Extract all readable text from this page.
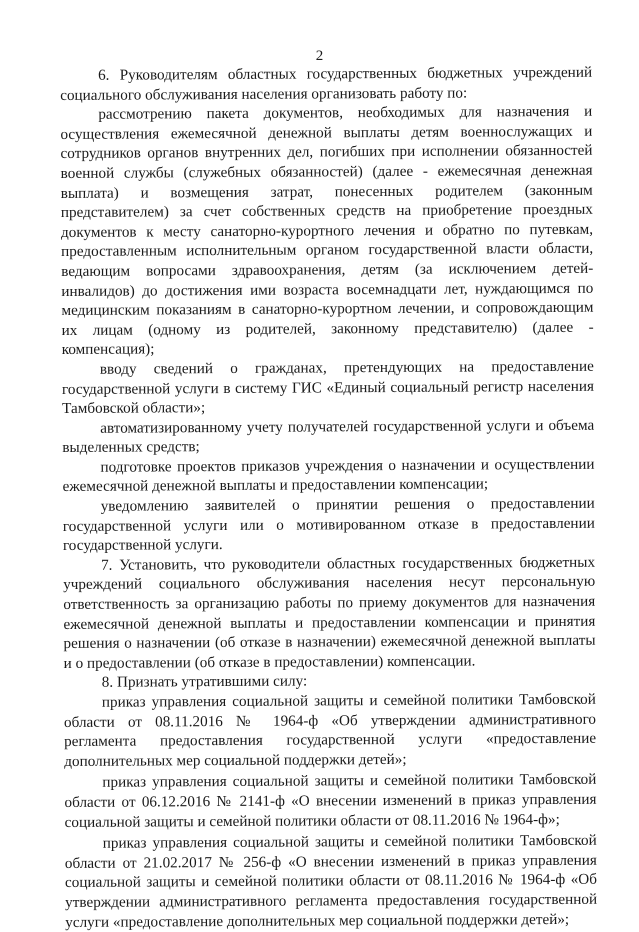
2

6. Руководителям областных государственных бюджетных учреждений социального обслуживания населения организовать работу по:

рассмотрению пакета документов, необходимых для назначения и осуществления ежемесячной денежной выплаты детям военнослужащих и сотрудников органов внутренних дел, погибших при исполнении обязанностей военной службы (служебных обязанностей) (далее - ежемесячная денежная выплата) и возмещения затрат, понесенных родителем (законным представителем) за счет собственных средств на приобретение проездных документов к месту санаторно-курортного лечения и обратно по путевкам, предоставленным исполнительным органом государственной власти области, ведающим вопросами здравоохранения, детям (за исключением детей-инвалидов) до достижения ими возраста восемнадцати лет, нуждающимся по медицинским показаниям в санаторно-курортном лечении, и сопровождающим их лицам (одному из родителей, законному представителю) (далее - компенсация);

вводу сведений о гражданах, претендующих на предоставление государственной услуги в систему ГИС «Единый социальный регистр населения Тамбовской области»;

автоматизированному учету получателей государственной услуги и объема выделенных средств;

подготовке проектов приказов учреждения о назначении и осуществлении ежемесячной денежной выплаты и предоставлении компенсации;

уведомлению заявителей о принятии решения о предоставлении государственной услуги или о мотивированном отказе в предоставлении государственной услуги.

7. Установить, что руководители областных государственных бюджетных учреждений социального обслуживания населения несут персональную ответственность за организацию работы по приему документов для назначения ежемесячной денежной выплаты и предоставлении компенсации и принятия решения о назначении (об отказе в назначении) ежемесячной денежной выплаты и о предоставлении (об отказе в предоставлении) компенсации.

8. Признать утратившими силу:

приказ управления социальной защиты и семейной политики Тамбовской области от 08.11.2016 № 1964-ф «Об утверждении административного регламента предоставления государственной услуги «предоставление дополнительных мер социальной поддержки детей»;

приказ управления социальной защиты и семейной политики Тамбовской области от 06.12.2016 № 2141-ф «О внесении изменений в приказ управления социальной защиты и семейной политики области от 08.11.2016 № 1964-ф»;

приказ управления социальной защиты и семейной политики Тамбовской области от 21.02.2017 № 256-ф «О внесении изменений в приказ управления социальной защиты и семейной политики области от 08.11.2016 № 1964-ф «Об утверждении административного регламента предоставления государственной услуги «предоставление дополнительных мер социальной поддержки детей»;
